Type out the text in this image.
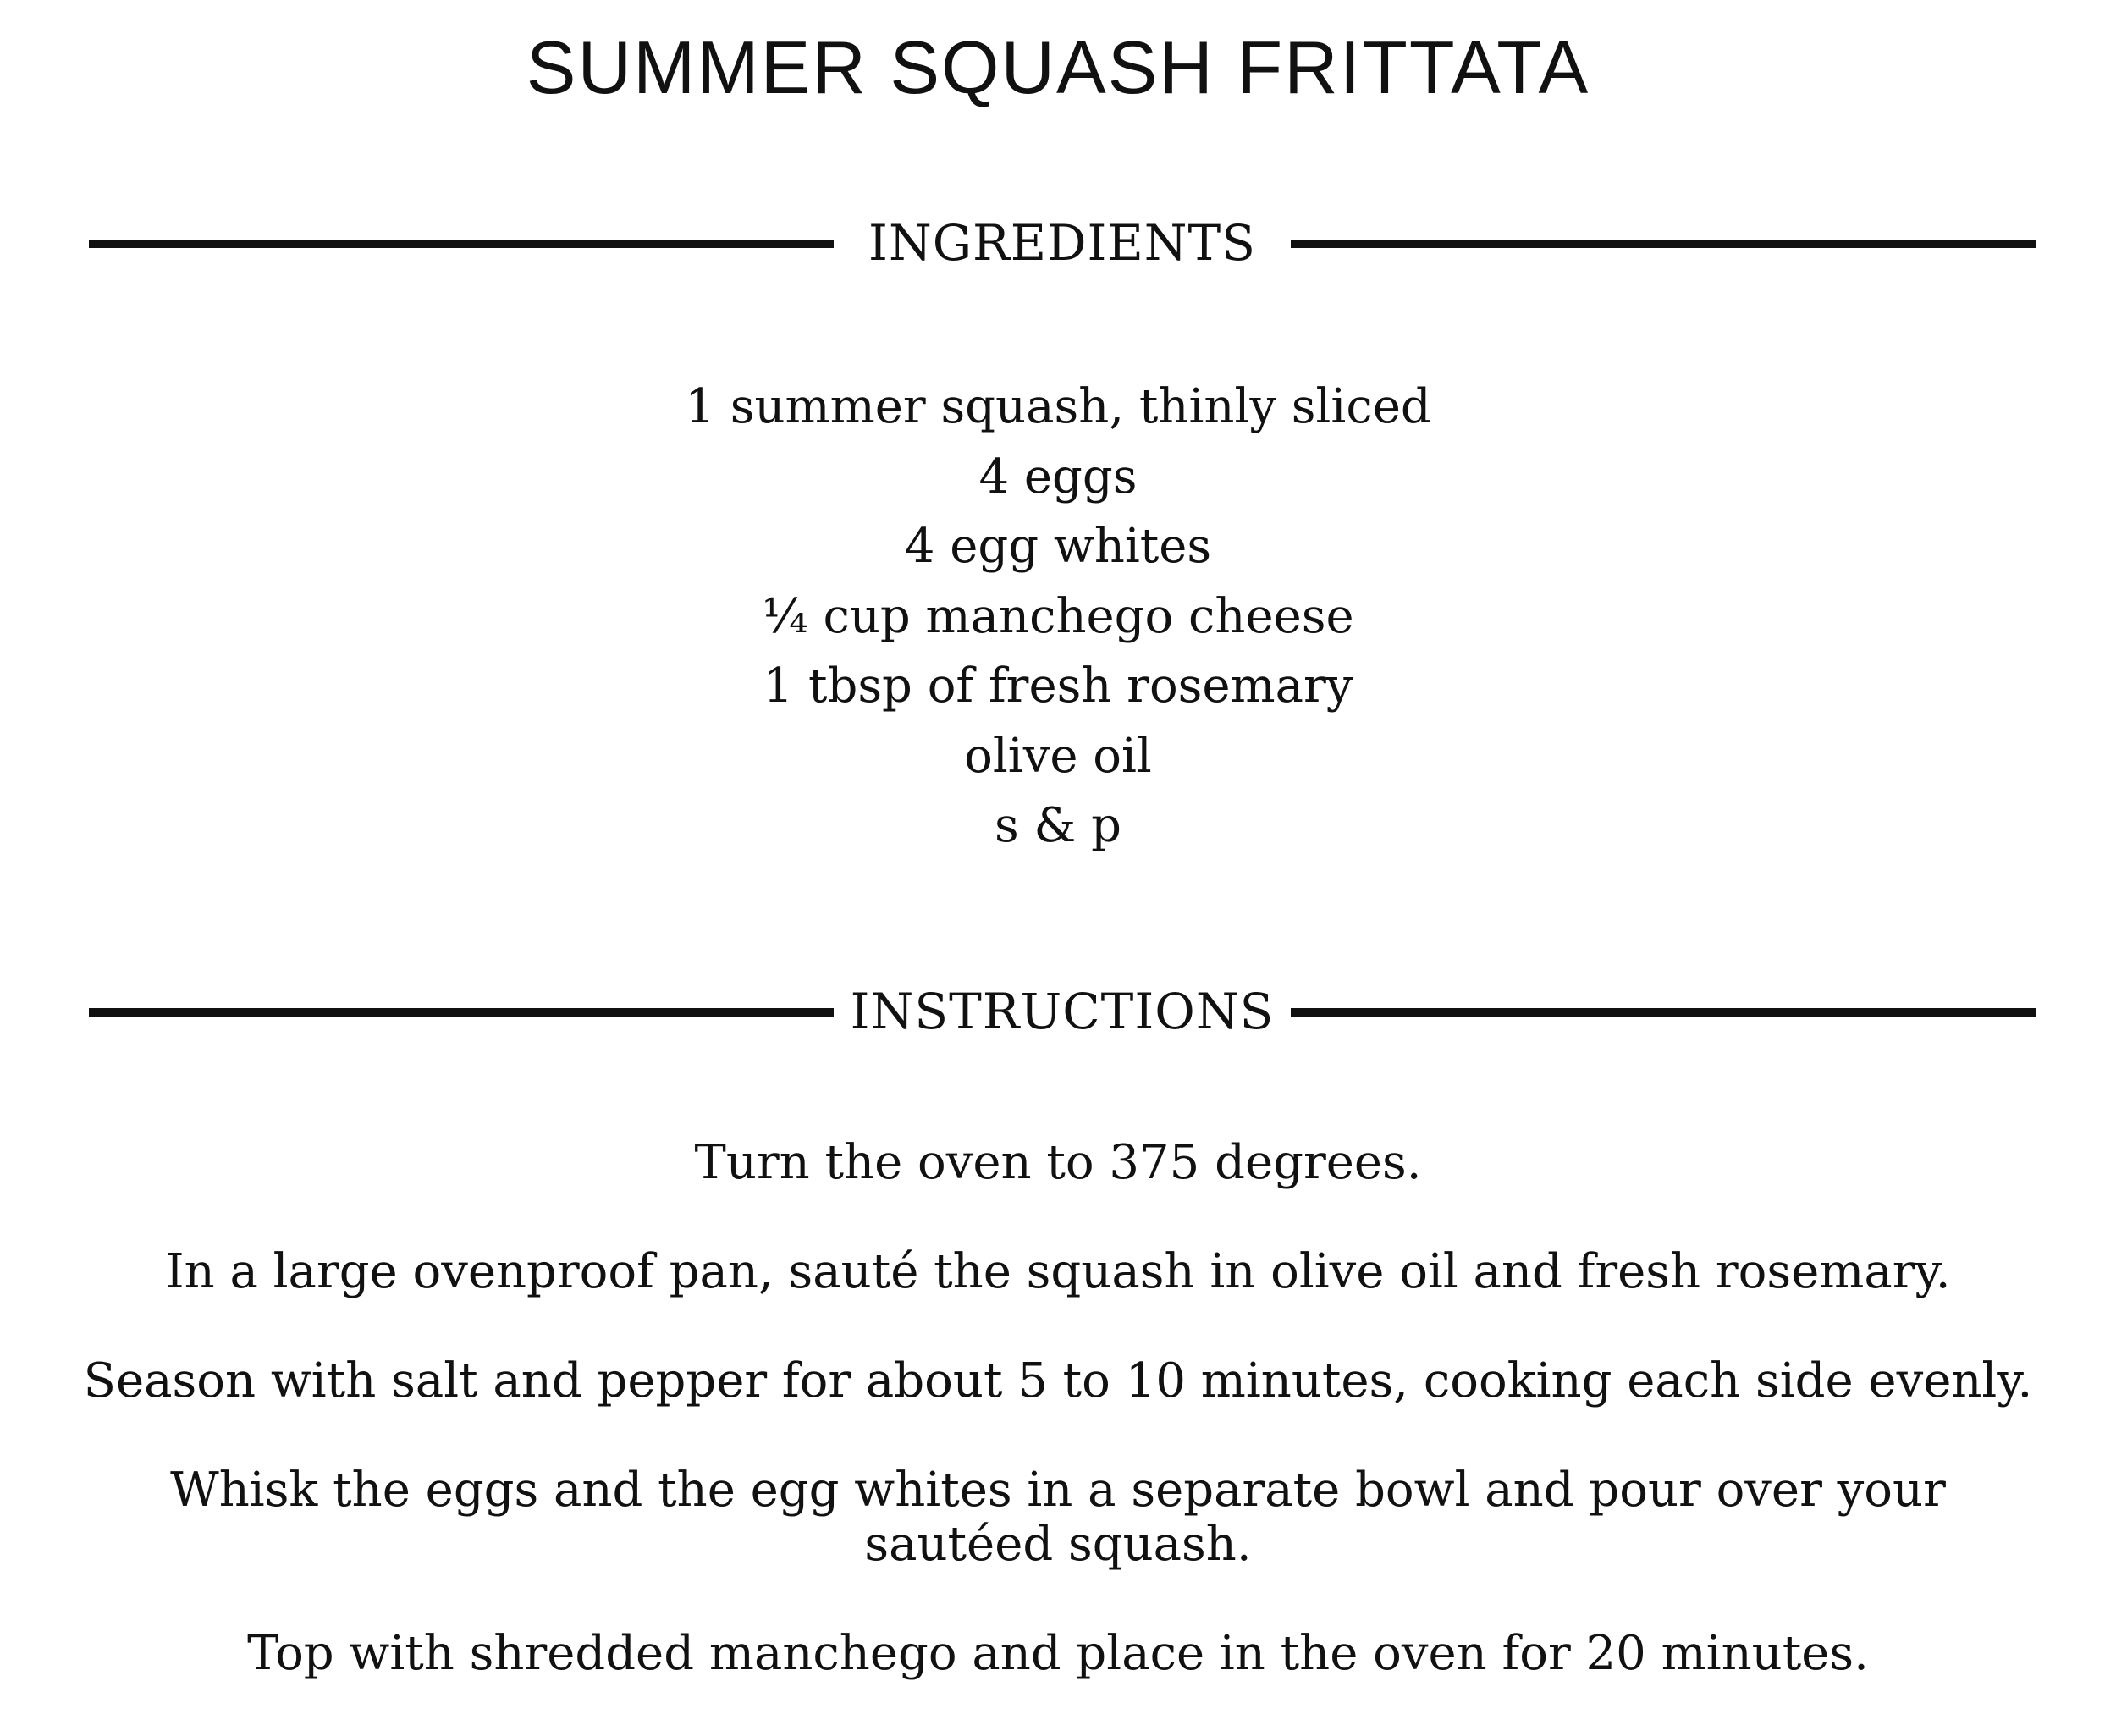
SUMMER SQUASH FRITTATA
INGREDIENTS
1 summer squash, thinly sliced
4 eggs
4 egg whites
¼ cup manchego cheese
1 tbsp of fresh rosemary
olive oil
s & p
INSTRUCTIONS

Turn the oven to 375 degrees.

In a large ovenproof pan, sauté the squash in olive oil and fresh rosemary.

Season with salt and pepper for about 5 to 10 minutes, cooking each side evenly.

Whisk the eggs and the egg whites in a separate bowl and pour over your sautéed squash.

Top with shredded manchego and place in the oven for 20 minutes.
